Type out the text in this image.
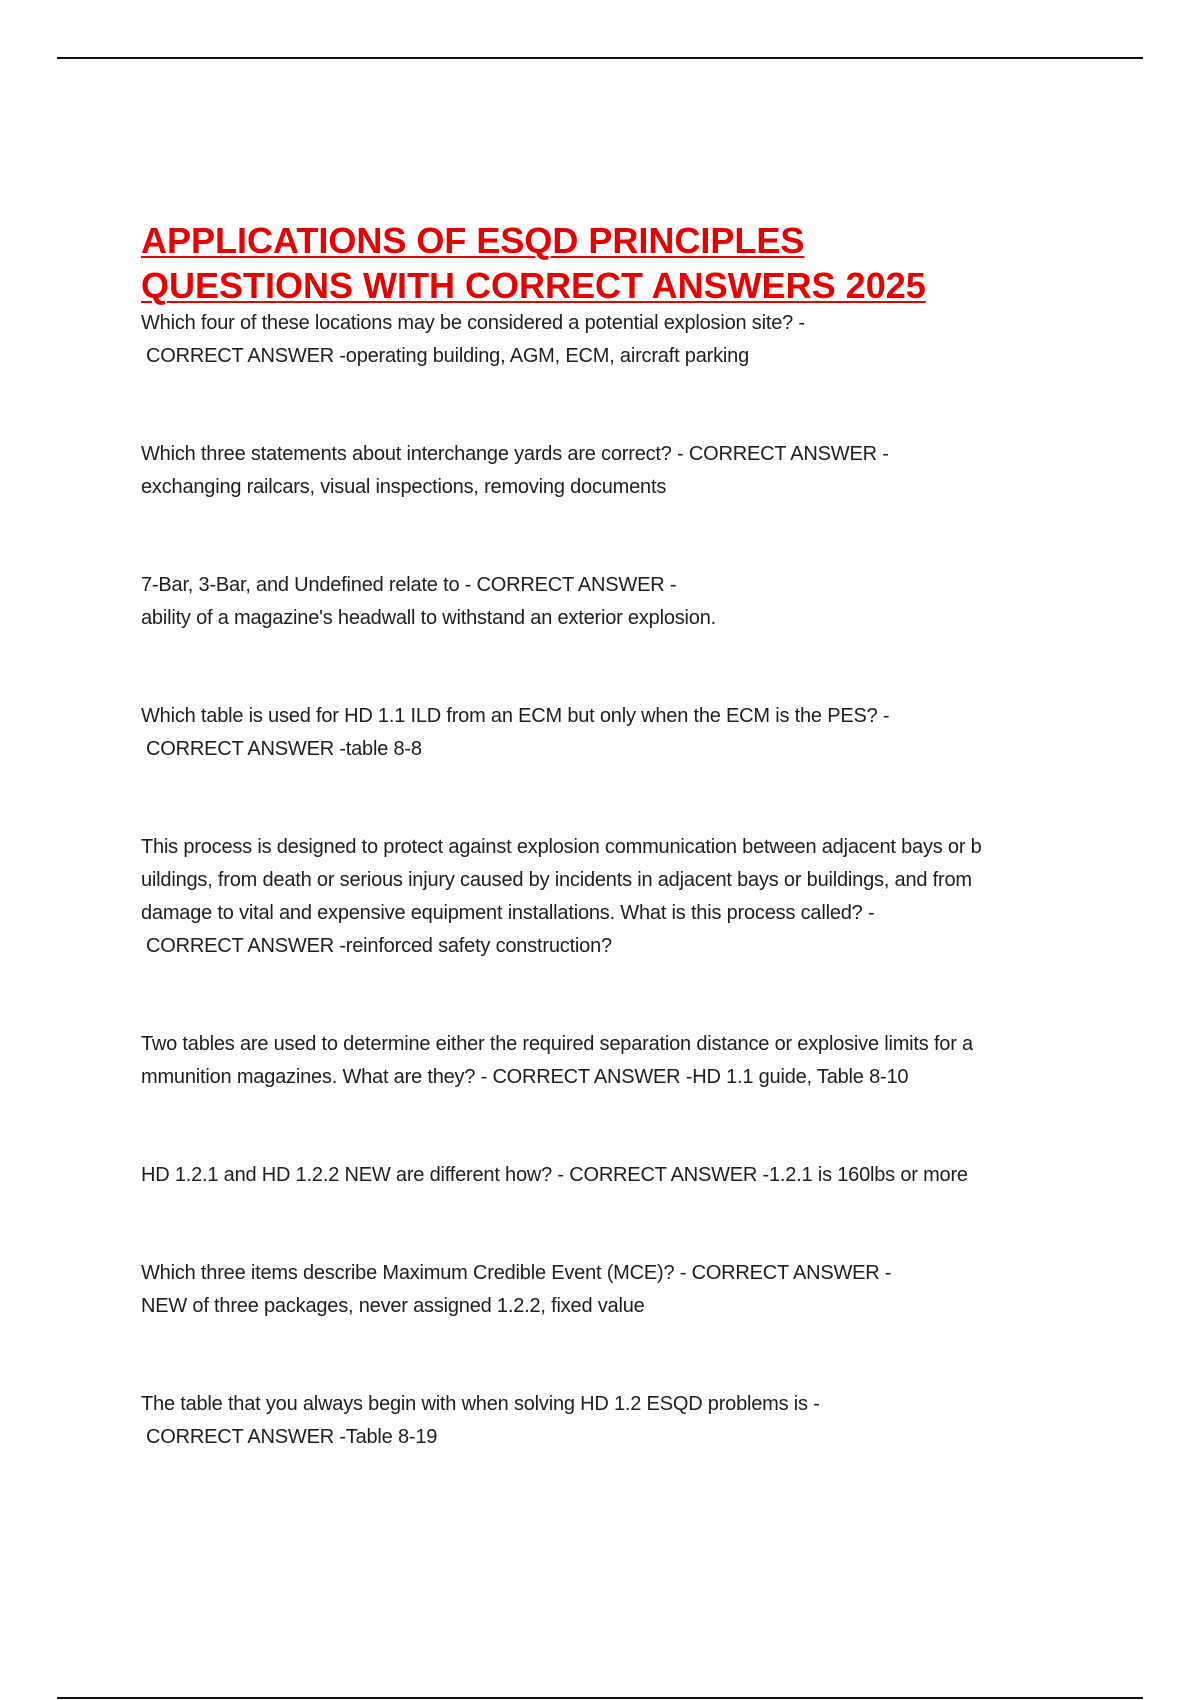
APPLICATIONS OF ESQD PRINCIPLES
QUESTIONS WITH CORRECT ANSWERS 2025

Which four of these locations may be considered a potential explosion site? -
CORRECT ANSWER -operating building, AGM, ECM, aircraft parking

Which three statements about interchange yards are correct? - CORRECT ANSWER -
exchanging railcars, visual inspections, removing documents

7-Bar, 3-Bar, and Undefined relate to - CORRECT ANSWER -
ability of a magazine's headwall to withstand an exterior explosion.

Which table is used for HD 1.1 ILD from an ECM but only when the ECM is the PES? -
CORRECT ANSWER -table 8-8

This process is designed to protect against explosion communication between adjacent bays or b
uildings, from death or serious injury caused by incidents in adjacent bays or buildings, and from
damage to vital and expensive equipment installations. What is this process called? -
CORRECT ANSWER -reinforced safety construction?

Two tables are used to determine either the required separation distance or explosive limits for a
mmunition magazines. What are they? - CORRECT ANSWER -HD 1.1 guide, Table 8-10

HD 1.2.1 and HD 1.2.2 NEW are different how? - CORRECT ANSWER -1.2.1 is 160lbs or more

Which three items describe Maximum Credible Event (MCE)? - CORRECT ANSWER -
NEW of three packages, never assigned 1.2.2, fixed value

The table that you always begin with when solving HD 1.2 ESQD problems is -
CORRECT ANSWER -Table 8-19
